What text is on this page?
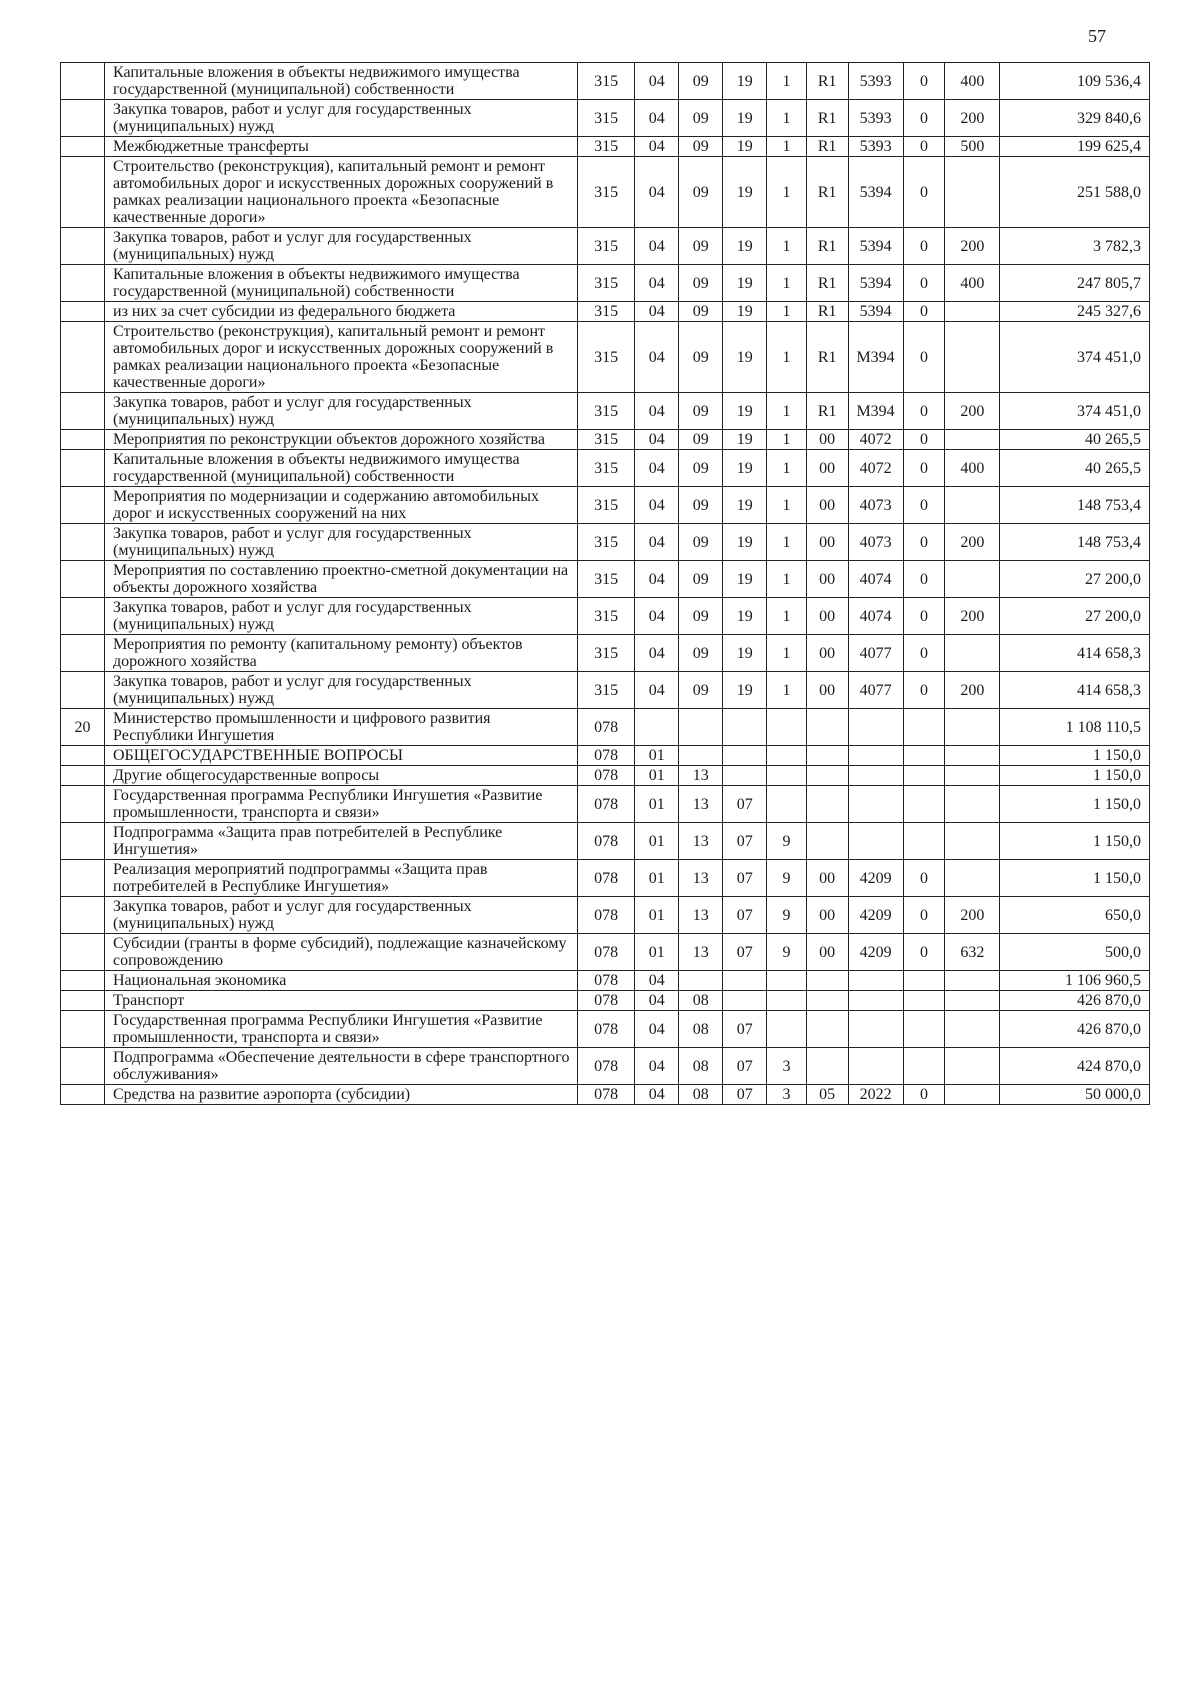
57
	Капитальные вложения в объекты недвижимого имущества государственной (муниципальной) собственности	315	04	09	19	1	R1	5393	0	400	109 536,4
	Закупка товаров, работ и услуг для государственных (муниципальных) нужд	315	04	09	19	1	R1	5393	0	200	329 840,6
	Межбюджетные трансферты	315	04	09	19	1	R1	5393	0	500	199 625,4
	Строительство (реконструкция), капитальный ремонт и ремонт автомобильных дорог и искусственных дорожных сооружений в рамках реализации национального проекта «Безопасные качественные дороги»	315	04	09	19	1	R1	5394	0		251 588,0
	Закупка товаров, работ и услуг для государственных (муниципальных) нужд	315	04	09	19	1	R1	5394	0	200	3 782,3
	Капитальные вложения в объекты недвижимого имущества государственной (муниципальной) собственности	315	04	09	19	1	R1	5394	0	400	247 805,7
	из них за счет субсидии из федерального бюджета	315	04	09	19	1	R1	5394	0		245 327,6
	Строительство (реконструкция), капитальный ремонт и ремонт автомобильных дорог и искусственных дорожных сооружений в рамках реализации национального проекта «Безопасные качественные дороги»	315	04	09	19	1	R1	M394	0		374 451,0
	Закупка товаров, работ и услуг для государственных (муниципальных) нужд	315	04	09	19	1	R1	M394	0	200	374 451,0
	Мероприятия по реконструкции объектов дорожного хозяйства	315	04	09	19	1	00	4072	0		40 265,5
	Капитальные вложения в объекты недвижимого имущества государственной (муниципальной) собственности	315	04	09	19	1	00	4072	0	400	40 265,5
	Мероприятия по модернизации и содержанию автомобильных дорог и искусственных сооружений на них	315	04	09	19	1	00	4073	0		148 753,4
	Закупка товаров, работ и услуг для государственных (муниципальных) нужд	315	04	09	19	1	00	4073	0	200	148 753,4
	Мероприятия по составлению проектно-сметной документации на объекты дорожного хозяйства	315	04	09	19	1	00	4074	0		27 200,0
	Закупка товаров, работ и услуг для государственных (муниципальных) нужд	315	04	09	19	1	00	4074	0	200	27 200,0
	Мероприятия по ремонту (капитальному ремонту) объектов дорожного хозяйства	315	04	09	19	1	00	4077	0		414 658,3
	Закупка товаров, работ и услуг для государственных (муниципальных) нужд	315	04	09	19	1	00	4077	0	200	414 658,3
20	Министерство промышленности и цифрового развития Республики Ингушетия	078									1 108 110,5
	ОБЩЕГОСУДАРСТВЕННЫЕ ВОПРОСЫ	078	01								1 150,0
	Другие общегосударственные вопросы	078	01	13							1 150,0
	Государственная программа Республики Ингушетия «Развитие промышленности, транспорта и связи»	078	01	13	07						1 150,0
	Подпрограмма «Защита прав потребителей в Республике Ингушетия»	078	01	13	07	9					1 150,0
	Реализация мероприятий подпрограммы «Защита прав потребителей в Республике Ингушетия»	078	01	13	07	9	00	4209	0		1 150,0
	Закупка товаров, работ и услуг для государственных (муниципальных) нужд	078	01	13	07	9	00	4209	0	200	650,0
	Субсидии (гранты в форме субсидий), подлежащие казначейскому сопровождению	078	01	13	07	9	00	4209	0	632	500,0
	Национальная экономика	078	04								1 106 960,5
	Транспорт	078	04	08							426 870,0
	Государственная программа Республики Ингушетия «Развитие промышленности, транспорта и связи»	078	04	08	07						426 870,0
	Подпрограмма «Обеспечение деятельности в сфере транспортного обслуживания»	078	04	08	07	3					424 870,0
	Средства на развитие аэропорта (субсидии)	078	04	08	07	3	05	2022	0		50 000,0
